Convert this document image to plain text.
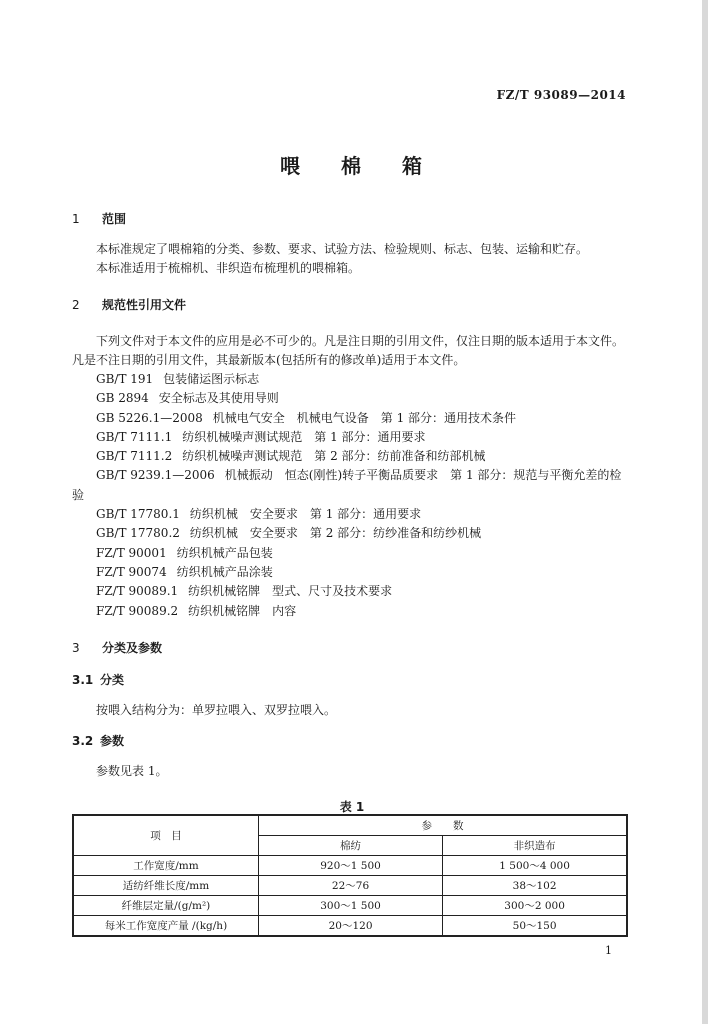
FZ/T 93089—2014
喂 棉 箱
1 范围

本标准规定了喂棉箱的分类、参数、要求、试验方法、检验规则、标志、包装、运输和贮存。

本标准适用于梳棉机、非织造布梳理机的喂棉箱。

2 规范性引用文件

下列文件对于本文件的应用是必不可少的。凡是注日期的引用文件，仅注日期的版本适用于本文件。凡是不注日期的引用文件，其最新版本(包括所有的修改单)适用于本文件。

GB/T 191 包装储运图示标志

GB 2894 安全标志及其使用导则

GB 5226.1—2008 机械电气安全　机械电气设备　第 1 部分：通用技术条件

GB/T 7111.1 纺织机械噪声测试规范　第 1 部分：通用要求

GB/T 7111.2 纺织机械噪声测试规范　第 2 部分：纺前准备和纺部机械

GB/T 9239.1—2006 机械振动　恒态(刚性)转子平衡品质要求　第 1 部分：规范与平衡允差的检验

GB/T 17780.1 纺织机械　安全要求　第 1 部分：通用要求

GB/T 17780.2 纺织机械　安全要求　第 2 部分：纺纱准备和纺纱机械

FZ/T 90001 纺织机械产品包装

FZ/T 90074 纺织机械产品涂装

FZ/T 90089.1 纺织机械铭牌　型式、尺寸及技术要求

FZ/T 90089.2 纺织机械铭牌　内容

3 分类及参数
3.1 分类

按喂入结构分为：单罗拉喂入、双罗拉喂入。

3.2 参数

参数见表 1。

表 1

项　目	参　　数	
	棉纺	非织造布
工作宽度/mm	920～1 500	1 500～4 000
适纺纤维长度/mm	22～76	38～102
纤维层定量/(g/m²)	300～1 500	300～2 000
每米工作宽度产量 /(kg/h)	20～120	50～150
1
